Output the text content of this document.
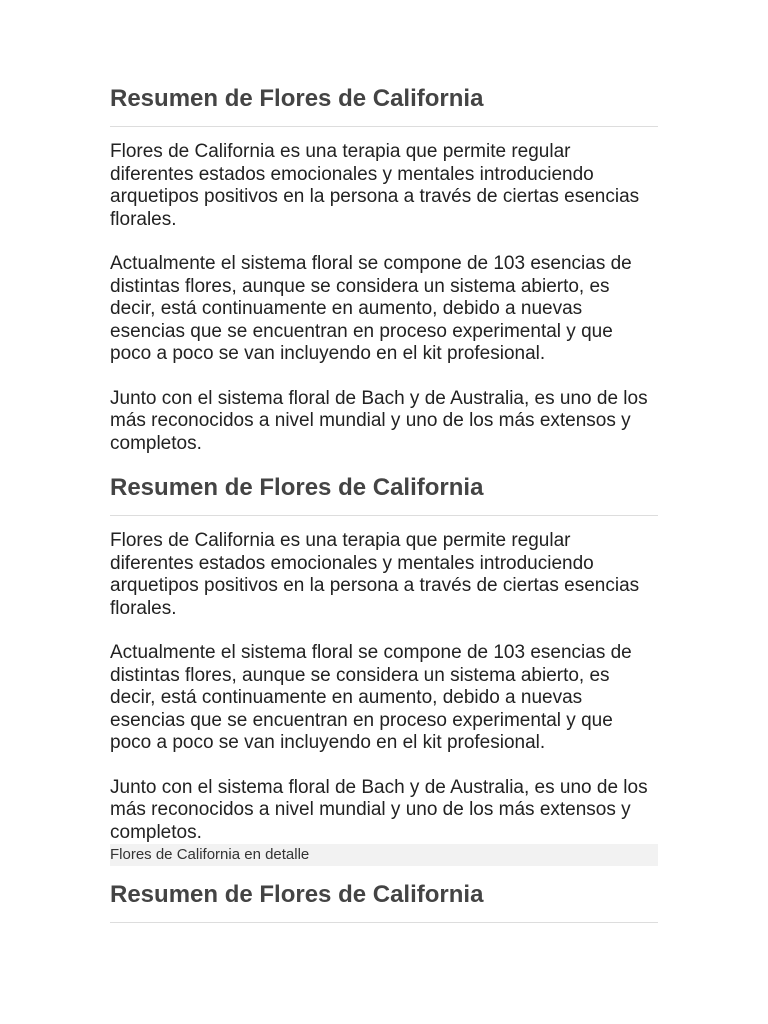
Resumen de Flores de California

Flores de California es una terapia que permite regular diferentes estados emocionales y mentales introduciendo arquetipos positivos en la persona a través de ciertas esencias florales.

Actualmente el sistema floral se compone de 103 esencias de distintas flores, aunque se considera un sistema abierto, es decir, está continuamente en aumento, debido a nuevas esencias que se encuentran en proceso experimental y que poco a poco se van incluyendo en el kit profesional.

Junto con el sistema floral de Bach y de Australia, es uno de los más reconocidos a nivel mundial y uno de los más extensos y completos.

Resumen de Flores de California

Flores de California es una terapia que permite regular diferentes estados emocionales y mentales introduciendo arquetipos positivos en la persona a través de ciertas esencias florales.

Actualmente el sistema floral se compone de 103 esencias de distintas flores, aunque se considera un sistema abierto, es decir, está continuamente en aumento, debido a nuevas esencias que se encuentran en proceso experimental y que poco a poco se van incluyendo en el kit profesional.

Junto con el sistema floral de Bach y de Australia, es uno de los más reconocidos a nivel mundial y uno de los más extensos y completos.

Flores de California en detalle
Resumen de Flores de California
